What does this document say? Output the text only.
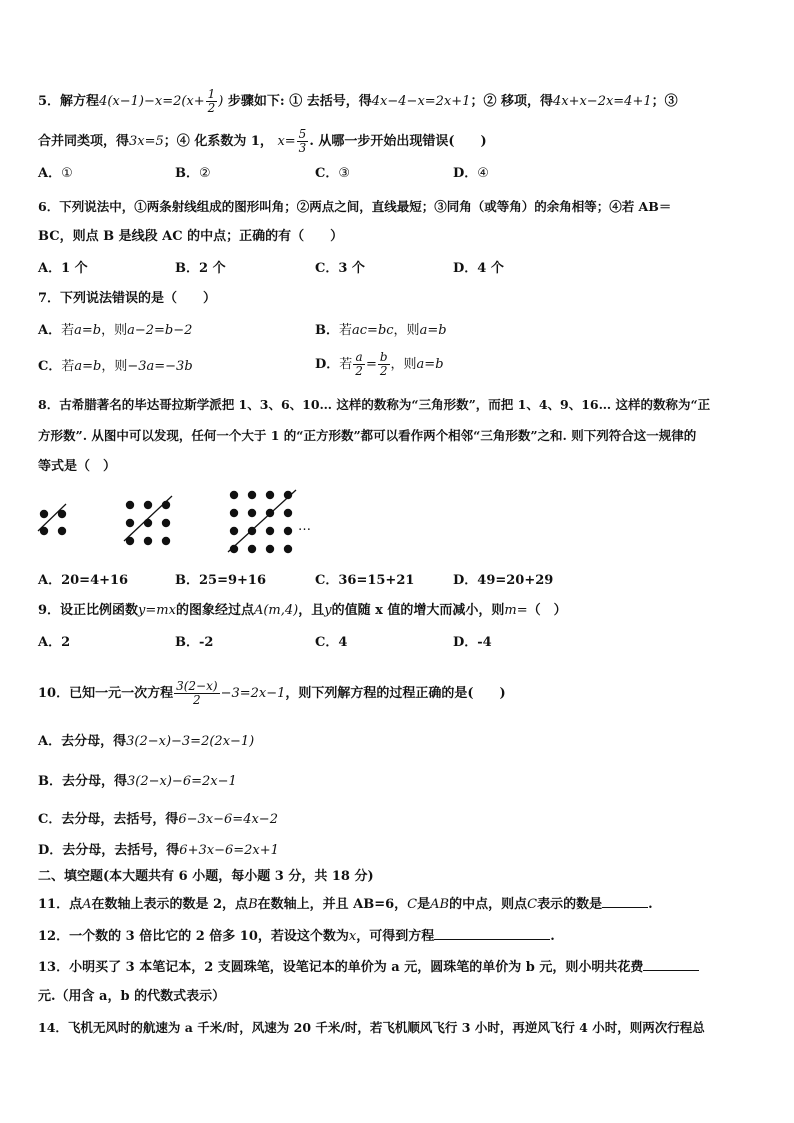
5．解方程$4(x-1)-x=2(x+ \frac{1}{2}$ ) 步骤如下: ① 去括号，得4x−4−x=2x+1；② 移项，得4x+x−2x=4+1；③
合并同类项，得3x=5；④ 化系数为 1， $x= \frac{5}{3}$ . 从哪一步开始出现错误(　　)
A．①	B．②	C．③	D．④
6．下列说法中，①两条射线组成的图形叫角；②两点之间，直线最短；③同角（或等角）的余角相等；④若 AB＝
BC，则点 B 是线段 AC 的中点；正确的有（　　）
A．1 个	B．2 个	C．3 个	D．4 个
7．下列说法错误的是（　　）
A．若a=b，则a−2=b−2	B．若ac=bc，则a=b
C．若a=b，则−3a=−3b	D．若 $\frac{a}{2} = \frac{b}{2}$ ，则a=b
8．古希腊著名的毕达哥拉斯学派把 1、3、6、10… 这样的数称为“三角形数”，而把 1、4、9、16… 这样的数称为“正
方形数”. 从图中可以发现，任何一个大于 1 的“正方形数”都可以看作两个相邻“三角形数”之和. 则下列符合这一规律的
等式是（　）
…
A．20=4+16	B．25=9+16	C．36=15+21	D．49=20+29
9．设正比例函数y=mx的图象经过点A(m,4)，且y的值随 x 值的增大而减小，则m=（　）
A．2	B．-2	C．4	D．-4
10．已知一元一次方程 $\frac{3(2-x)}{2} -3=2x-1$，则下列解方程的过程正确的是(　　)
A．去分母，得3(2−x)−3=2(2x−1)
B．去分母，得3(2−x)−6=2x−1
C．去分母，去括号，得6−3x−6=4x−2
D．去分母，去括号，得6+3x−6=2x+1
二、填空题(本大题共有 6 小题，每小题 3 分，共 18 分)
11．点A在数轴上表示的数是 2，点B在数轴上，并且 AB=6，C是AB的中点，则点C表示的数是	.
12．一个数的 3 倍比它的 2 倍多 10，若设这个数为x，可得到方程	.
13．小明买了 3 本笔记本，2 支圆珠笔，设笔记本的单价为 a 元，圆珠笔的单价为 b 元，则小明共花费
元.（用含 a，b 的代数式表示）
14．飞机无风时的航速为 a 千米/时，风速为 20 千米/时，若飞机顺风飞行 3 小时，再逆风飞行 4 小时，则两次行程总
